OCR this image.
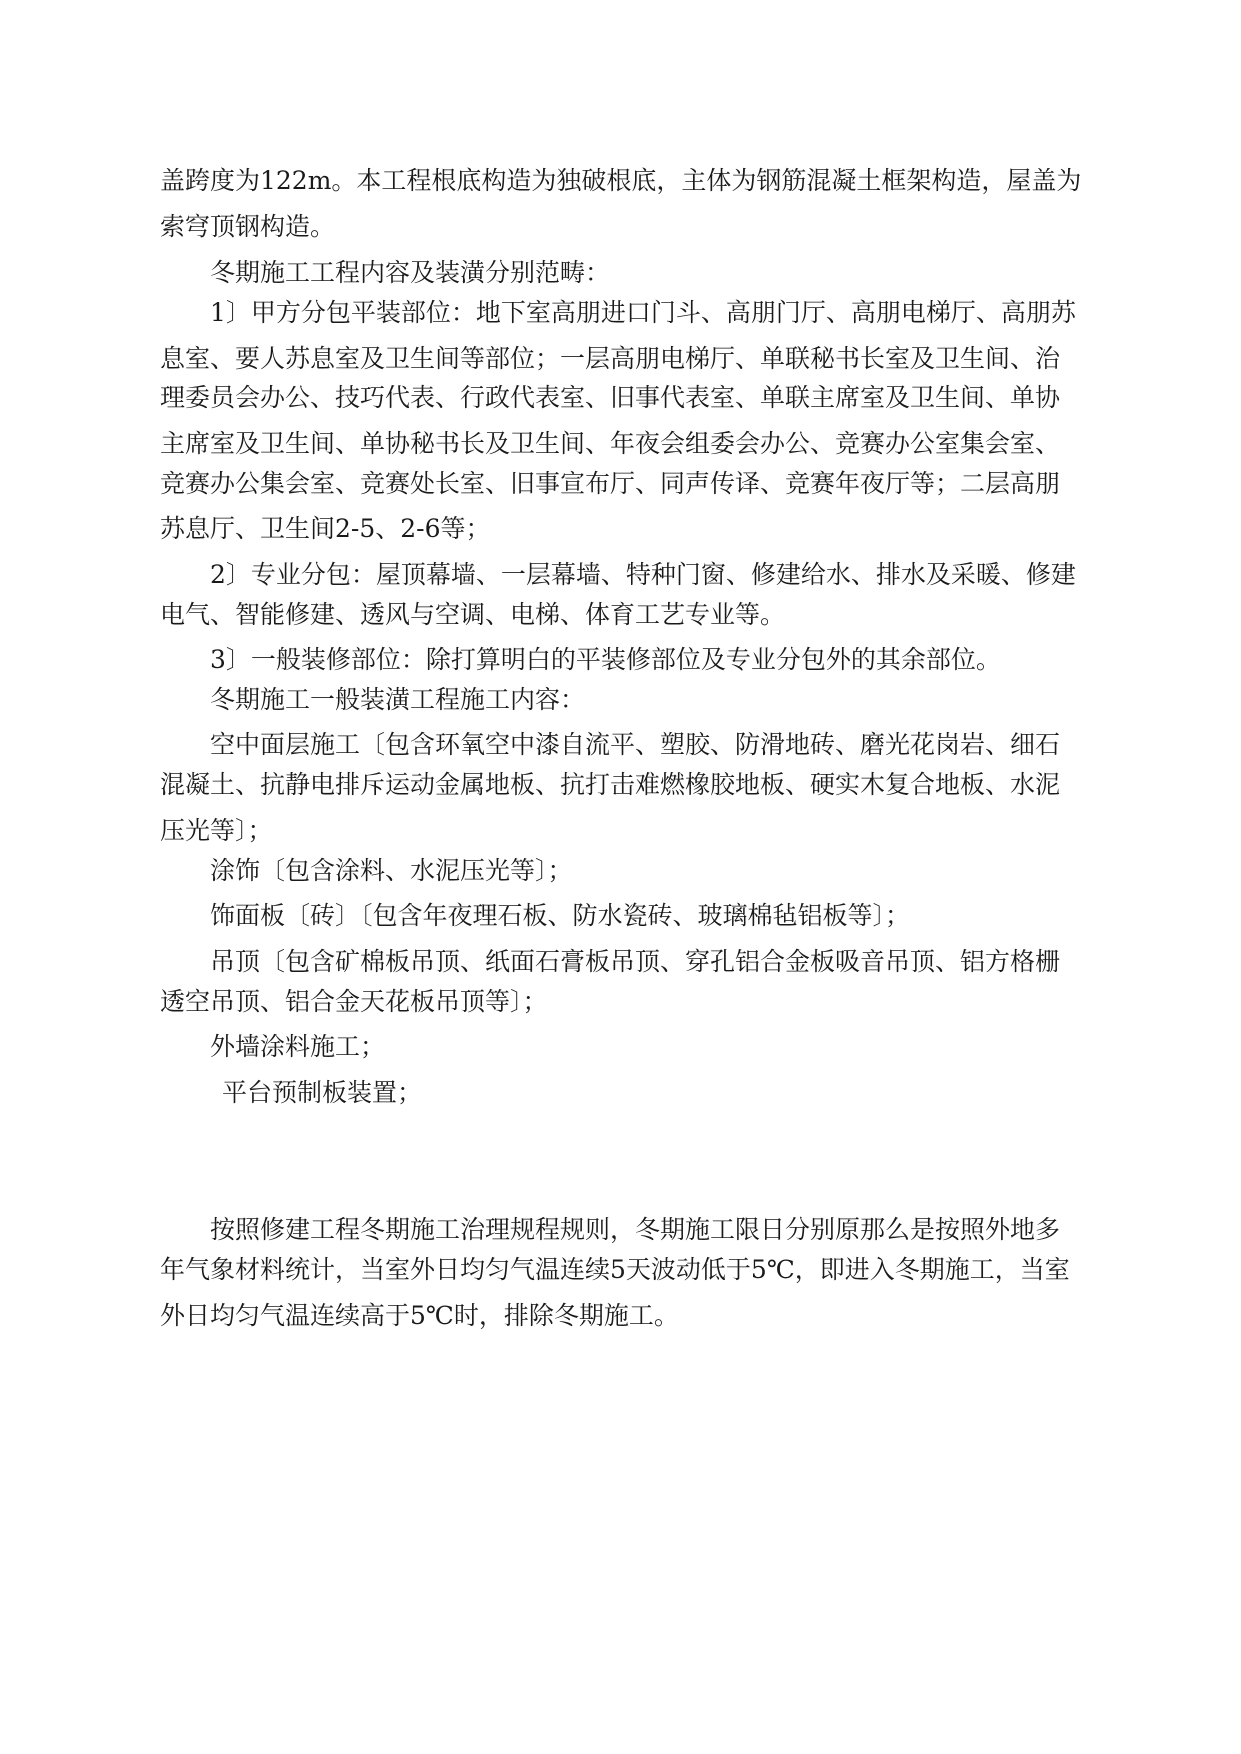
盖跨度为122m。本工程根底构造为独破根底，主体为钢筋混凝土框架构造，屋盖为
索穹顶钢构造。
冬期施工工程内容及装潢分别范畴：
1〕甲方分包平装部位：地下室高朋进口门斗、高朋门厅、高朋电梯厅、高朋苏
息室、要人苏息室及卫生间等部位；一层高朋电梯厅、单联秘书长室及卫生间、治
理委员会办公、技巧代表、行政代表室、旧事代表室、单联主席室及卫生间、单协
主席室及卫生间、单协秘书长及卫生间、年夜会组委会办公、竞赛办公室集会室、
竞赛办公集会室、竞赛处长室、旧事宣布厅、同声传译、竞赛年夜厅等；二层高朋
苏息厅、卫生间2-5、2-6等；
2〕专业分包：屋顶幕墙、一层幕墙、特种门窗、修建给水、排水及采暖、修建
电气、智能修建、透风与空调、电梯、体育工艺专业等。
3〕一般装修部位：除打算明白的平装修部位及专业分包外的其余部位。
冬期施工一般装潢工程施工内容：
空中面层施工〔包含环氧空中漆自流平、塑胶、防滑地砖、磨光花岗岩、细石
混凝土、抗静电排斥运动金属地板、抗打击难燃橡胶地板、硬实木复合地板、水泥
压光等〕；
涂饰〔包含涂料、水泥压光等〕；
饰面板〔砖〕〔包含年夜理石板、防水瓷砖、玻璃棉毡铝板等〕；
吊顶〔包含矿棉板吊顶、纸面石膏板吊顶、穿孔铝合金板吸音吊顶、铝方格栅
透空吊顶、铝合金天花板吊顶等〕；
外墙涂料施工；
平台预制板装置；
按照修建工程冬期施工治理规程规则，冬期施工限日分别原那么是按照外地多
年气象材料统计，当室外日均匀气温连续5天波动低于5℃，即进入冬期施工，当室
外日均匀气温连续高于5℃时，排除冬期施工。
